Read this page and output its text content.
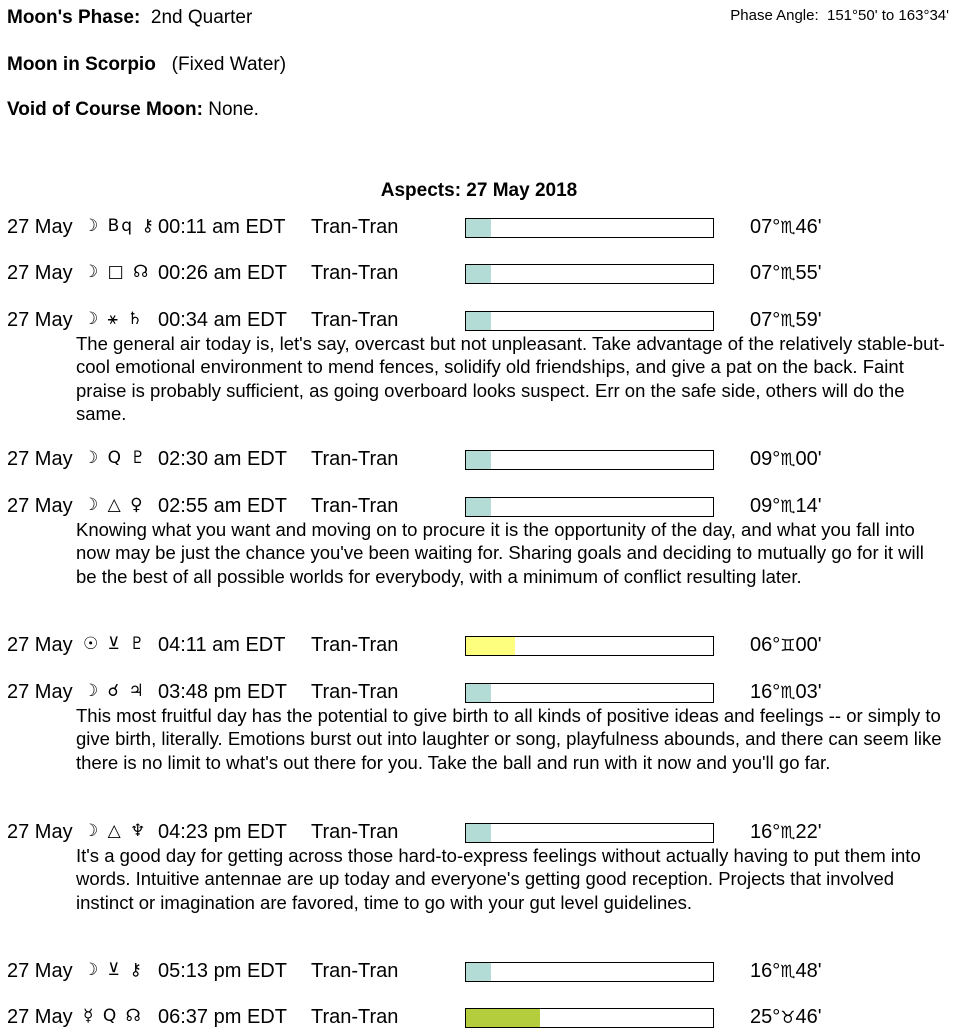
Moon's Phase: 2nd Quarter	Phase Angle: 151°50' to 163°34'
Moon in Scorpio (Fixed Water)
Void of Course Moon: None.
Aspects: 27 May 2018
27 May ☽ Bq ⚷ 00:11 am EDT Tran-Tran	07°♏46'
27 May ☽ □ ☊ 00:26 am EDT Tran-Tran	07°♏55'
27 May ☽ ⚹ ♄ 00:34 am EDT Tran-Tran	07°♏59'
The general air today is, let's say, overcast but not unpleasant. Take advantage of the relatively stable-but-cool emotional environment to mend fences, solidify old friendships, and give a pat on the back. Faint praise is probably sufficient, as going overboard looks suspect. Err on the safe side, others will do the same.
27 May ☽ Q ♇ 02:30 am EDT Tran-Tran	09°♏00'
27 May ☽ △ ♀ 02:55 am EDT Tran-Tran	09°♏14'
Knowing what you want and moving on to procure it is the opportunity of the day, and what you fall into now may be just the chance you've been waiting for. Sharing goals and deciding to mutually go for it will be the best of all possible worlds for everybody, with a minimum of conflict resulting later.
27 May ☉ ⊻ ♇ 04:11 am EDT Tran-Tran	06°♊00'
27 May ☽ ☌ ♃ 03:48 pm EDT Tran-Tran	16°♏03'
This most fruitful day has the potential to give birth to all kinds of positive ideas and feelings -- or simply to give birth, literally. Emotions burst out into laughter or song, playfulness abounds, and there can seem like there is no limit to what's out there for you. Take the ball and run with it now and you'll go far.
27 May ☽ △ ♆ 04:23 pm EDT Tran-Tran	16°♏22'
It's a good day for getting across those hard-to-express feelings without actually having to put them into words. Intuitive antennae are up today and everyone's getting good reception. Projects that involved instinct or imagination are favored, time to go with your gut level guidelines.
27 May ☽ ⊻ ⚷ 05:13 pm EDT Tran-Tran	16°♏48'
27 May ☿ Q ☊ 06:37 pm EDT Tran-Tran	25°♉46'
